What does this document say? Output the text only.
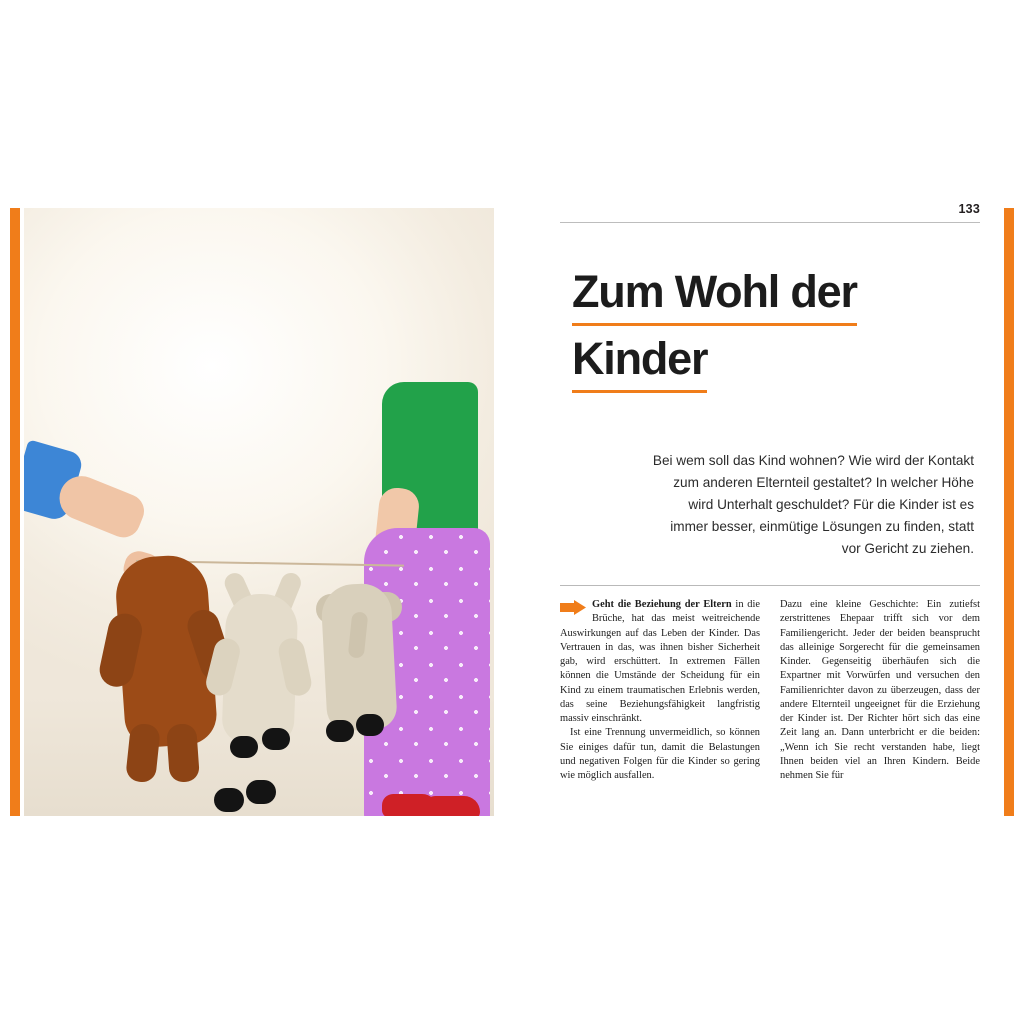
133
Zum Wohl der
Kinder
Bei wem soll das Kind wohnen? Wie wird der Kontakt zum anderen Elternteil gestaltet? In welcher Höhe wird Unterhalt geschuldet? Für die Kinder ist es immer besser, einmütige Lösungen zu finden, statt vor Gericht zu ziehen.

Geht die Beziehung der Eltern in die Brüche, hat das meist weitreichende Auswirkungen auf das Leben der Kinder. Das Vertrauen in das, was ihnen bisher Sicherheit gab, wird erschüttert. In extremen Fällen können die Umstände der Scheidung für ein Kind zu einem traumatischen Erlebnis werden, das seine Beziehungsfähigkeit langfristig massiv einschränkt.

Ist eine Trennung unvermeidlich, so können Sie einiges dafür tun, damit die Belastungen und negativen Folgen für die Kinder so gering wie möglich ausfallen.

Dazu eine kleine Geschichte: Ein zutiefst zerstrittenes Ehepaar trifft sich vor dem Familiengericht. Jeder der beiden beansprucht das alleinige Sorgerecht für die gemeinsamen Kinder. Gegenseitig überhäufen sich die Expartner mit Vorwürfen und versuchen den Familienrichter davon zu überzeugen, dass der andere Elternteil ungeeignet für die Erziehung der Kinder ist. Der Richter hört sich das eine Zeit lang an. Dann unterbricht er die beiden: „Wenn ich Sie recht verstanden habe, liegt Ihnen beiden viel an Ihren Kindern. Beide nehmen Sie für
